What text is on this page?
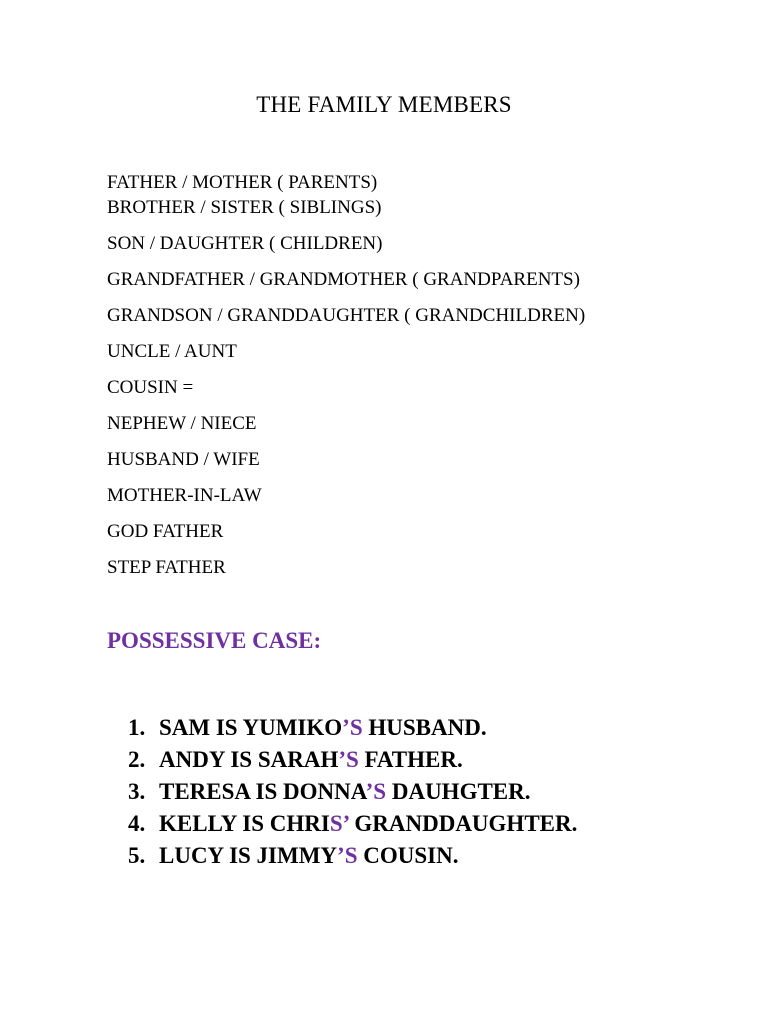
THE FAMILY MEMBERS
FATHER / MOTHER ( PARENTS)
BROTHER / SISTER ( SIBLINGS)
SON / DAUGHTER ( CHILDREN)
GRANDFATHER / GRANDMOTHER ( GRANDPARENTS)
GRANDSON / GRANDDAUGHTER ( GRANDCHILDREN)
UNCLE / AUNT
COUSIN =
NEPHEW / NIECE
HUSBAND / WIFE
MOTHER-IN-LAW
GOD FATHER
STEP FATHER
POSSESSIVE CASE:
1. SAM IS YUMIKO’S HUSBAND.
2. ANDY IS SARAH’S FATHER.
3. TERESA IS DONNA’S DAUHGTER.
4. KELLY IS CHRIS’ GRANDDAUGHTER.
5. LUCY IS JIMMY’S COUSIN.
